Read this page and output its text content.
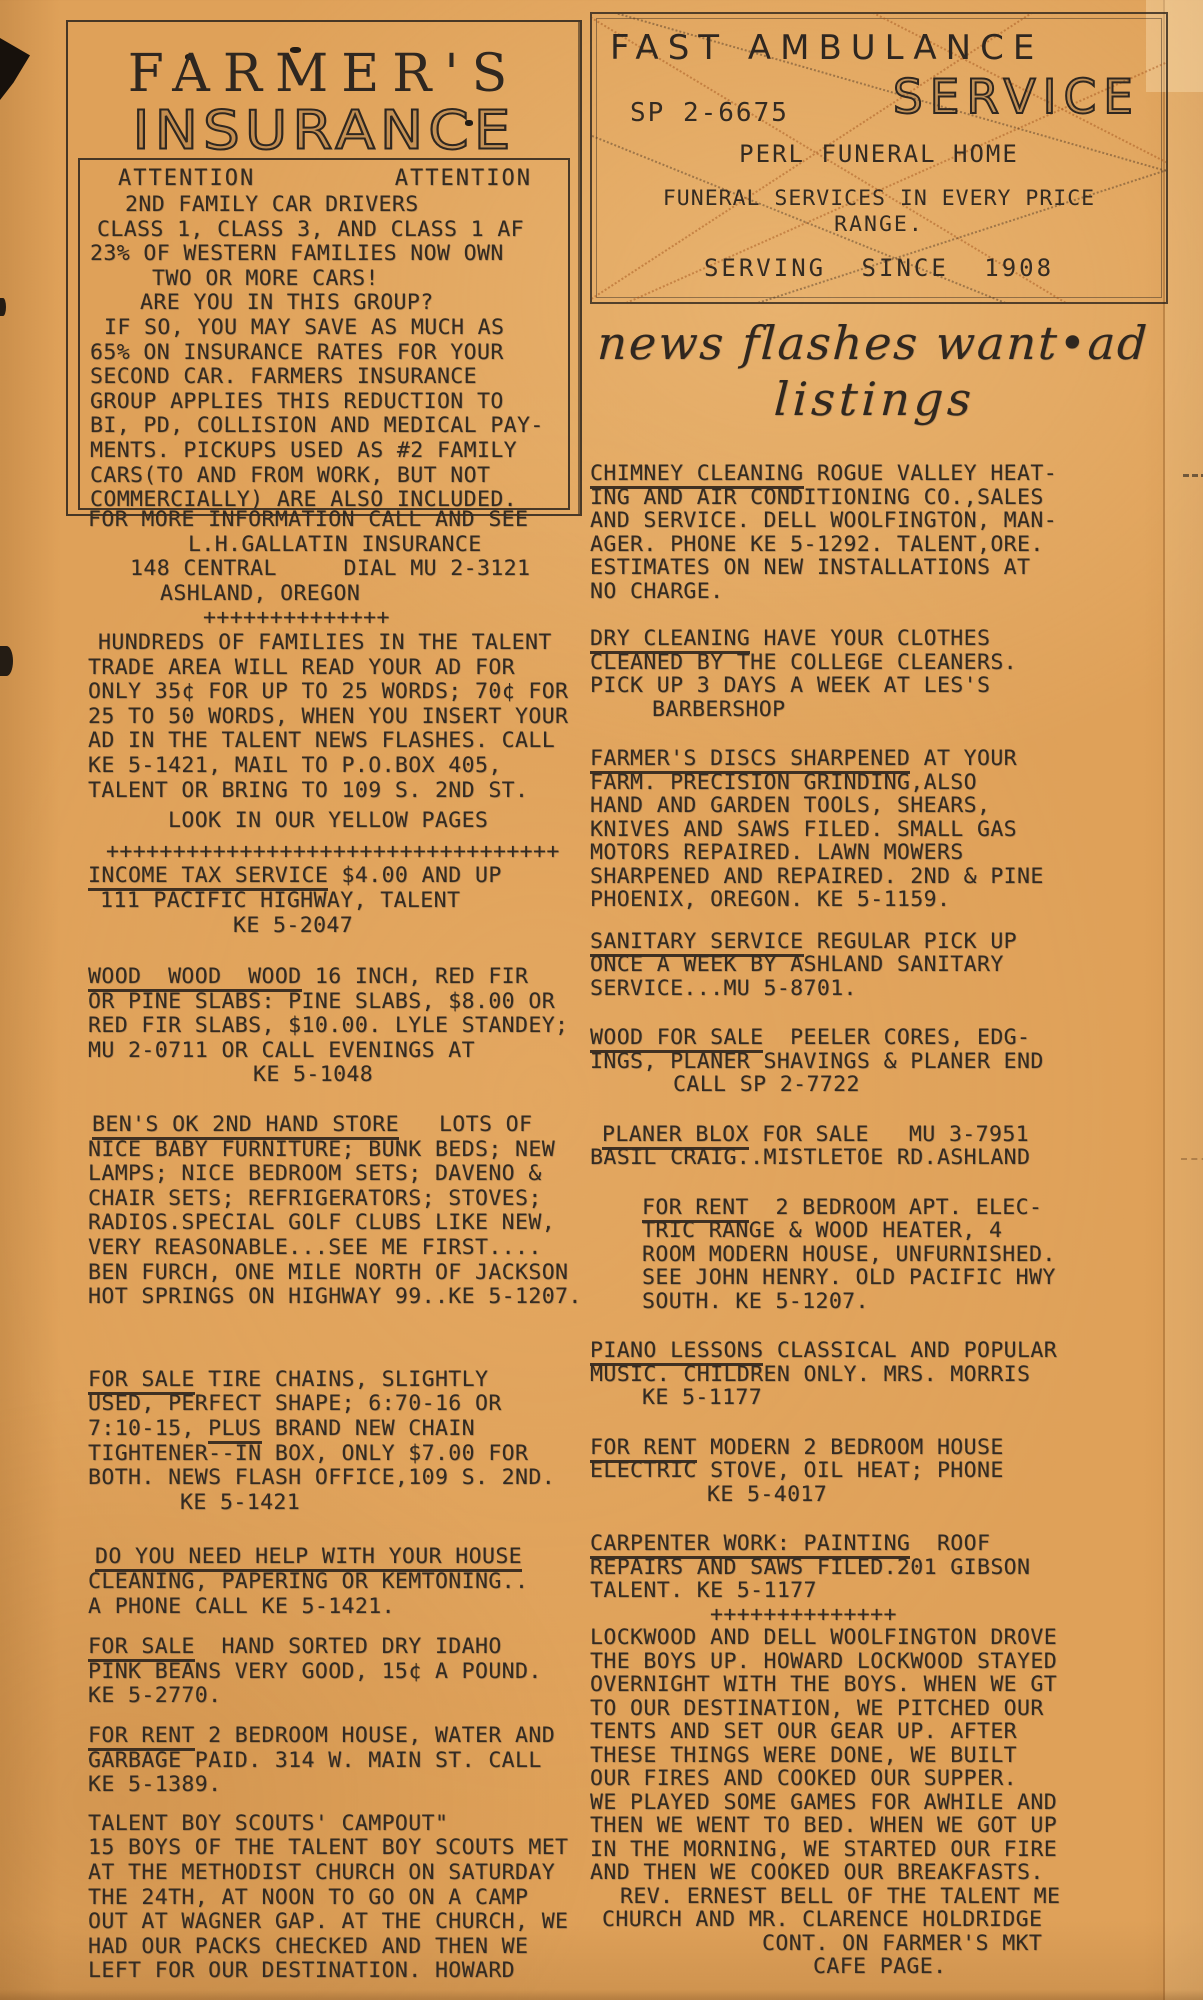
FARMER'S
INSURANCE
ATTENTION	ATTENTION
2ND FAMILY CAR DRIVERS
CLASS 1, CLASS 3, AND CLASS 1 AF
23% OF WESTERN FAMILIES NOW OWN
TWO OR MORE CARS!
ARE YOU IN THIS GROUP?
IF SO, YOU MAY SAVE AS MUCH AS
65% ON INSURANCE RATES FOR YOUR
SECOND CAR. FARMERS INSURANCE
GROUP APPLIES THIS REDUCTION TO
BI, PD, COLLISION AND MEDICAL PAY-
MENTS. PICKUPS USED AS #2 FAMILY
CARS(TO AND FROM WORK, BUT NOT
COMMERCIALLY) ARE ALSO INCLUDED.
FOR MORE INFORMATION CALL AND SEE
L.H.GALLATIN INSURANCE
148 CENTRAL     DIAL MU 2-3121
ASHLAND, OREGON
++++++++++++++
HUNDREDS OF FAMILIES IN THE TALENT
TRADE AREA WILL READ YOUR AD FOR
ONLY 35¢ FOR UP TO 25 WORDS; 70¢ FOR
25 TO 50 WORDS, WHEN YOU INSERT YOUR
AD IN THE TALENT NEWS FLASHES. CALL
KE 5-1421, MAIL TO P.O.BOX 405,
TALENT OR BRING TO 109 S. 2ND ST.
LOOK IN OUR YELLOW PAGES
++++++++++++++++++++++++++++++++++
INCOME TAX SERVICE $4.00 AND UP
111 PACIFIC HIGHWAY, TALENT
KE 5-2047
WOOD  WOOD  WOOD 16 INCH, RED FIR
OR PINE SLABS: PINE SLABS, $8.00 OR
RED FIR SLABS, $10.00. LYLE STANDEY;
MU 2-0711 OR CALL EVENINGS AT
KE 5-1048
BEN'S OK 2ND HAND STORE   LOTS OF
NICE BABY FURNITURE; BUNK BEDS; NEW
LAMPS; NICE BEDROOM SETS; DAVENO &
CHAIR SETS; REFRIGERATORS; STOVES;
RADIOS.SPECIAL GOLF CLUBS LIKE NEW,
VERY REASONABLE...SEE ME FIRST....
BEN FURCH, ONE MILE NORTH OF JACKSON
HOT SPRINGS ON HIGHWAY 99..KE 5-1207.
FOR SALE TIRE CHAINS, SLIGHTLY
USED, PERFECT SHAPE; 6:70-16 OR
7:10-15, PLUS BRAND NEW CHAIN
TIGHTENER--IN BOX, ONLY $7.00 FOR
BOTH. NEWS FLASH OFFICE,109 S. 2ND.
KE 5-1421
DO YOU NEED HELP WITH YOUR HOUSE
CLEANING, PAPERING OR KEMTONING..
A PHONE CALL KE 5-1421.
FOR SALE  HAND SORTED DRY IDAHO
PINK BEANS VERY GOOD, 15¢ A POUND.
KE 5-2770.
FOR RENT 2 BEDROOM HOUSE, WATER AND
GARBAGE PAID. 314 W. MAIN ST. CALL
KE 5-1389.
TALENT BOY SCOUTS' CAMPOUT"
15 BOYS OF THE TALENT BOY SCOUTS MET
AT THE METHODIST CHURCH ON SATURDAY
THE 24TH, AT NOON TO GO ON A CAMP
OUT AT WAGNER GAP. AT THE CHURCH, WE
HAD OUR PACKS CHECKED AND THEN WE
LEFT FOR OUR DESTINATION. HOWARD
FAST AMBULANCE
SP 2-6675 SERVICE
PERL FUNERAL HOME
FUNERAL SERVICES IN EVERY PRICE
RANGE.
SERVING SINCE 1908
news flashes want•ad
listings
CHIMNEY CLEANING ROGUE VALLEY HEAT-
ING AND AIR CONDITIONING CO.,SALES
AND SERVICE. DELL WOOLFINGTON, MAN-
AGER. PHONE KE 5-1292. TALENT,ORE.
ESTIMATES ON NEW INSTALLATIONS AT
NO CHARGE.
DRY CLEANING HAVE YOUR CLOTHES
CLEANED BY THE COLLEGE CLEANERS.
PICK UP 3 DAYS A WEEK AT LES'S
BARBERSHOP
FARMER'S DISCS SHARPENED AT YOUR
FARM. PRECISION GRINDING,ALSO
HAND AND GARDEN TOOLS, SHEARS,
KNIVES AND SAWS FILED. SMALL GAS
MOTORS REPAIRED. LAWN MOWERS
SHARPENED AND REPAIRED. 2ND & PINE
PHOENIX, OREGON. KE 5-1159.
SANITARY SERVICE REGULAR PICK UP
ONCE A WEEK BY ASHLAND SANITARY
SERVICE...MU 5-8701.
WOOD FOR SALE  PEELER CORES, EDG-
INGS, PLANER SHAVINGS & PLANER END
CALL SP 2-7722
PLANER BLOX FOR SALE   MU 3-7951
BASIL CRAIG..MISTLETOE RD.ASHLAND
FOR RENT  2 BEDROOM APT. ELEC-
TRIC RANGE & WOOD HEATER, 4
ROOM MODERN HOUSE, UNFURNISHED.
SEE JOHN HENRY. OLD PACIFIC HWY
SOUTH. KE 5-1207.
PIANO LESSONS CLASSICAL AND POPULAR
MUSIC. CHILDREN ONLY. MRS. MORRIS
KE 5-1177
FOR RENT MODERN 2 BEDROOM HOUSE
ELECTRIC STOVE, OIL HEAT; PHONE
KE 5-4017
CARPENTER WORK: PAINTING  ROOF
REPAIRS AND SAWS FILED.201 GIBSON
TALENT. KE 5-1177
++++++++++++++
LOCKWOOD AND DELL WOOLFINGTON DROVE
THE BOYS UP. HOWARD LOCKWOOD STAYED
OVERNIGHT WITH THE BOYS. WHEN WE GT
TO OUR DESTINATION, WE PITCHED OUR
TENTS AND SET OUR GEAR UP. AFTER
THESE THINGS WERE DONE, WE BUILT
OUR FIRES AND COOKED OUR SUPPER.
WE PLAYED SOME GAMES FOR AWHILE AND
THEN WE WENT TO BED. WHEN WE GOT UP
IN THE MORNING, WE STARTED OUR FIRE
AND THEN WE COOKED OUR BREAKFASTS.
REV. ERNEST BELL OF THE TALENT ME
CHURCH AND MR. CLARENCE HOLDRIDGE
CONT. ON FARMER'S MKT
CAFE PAGE.
